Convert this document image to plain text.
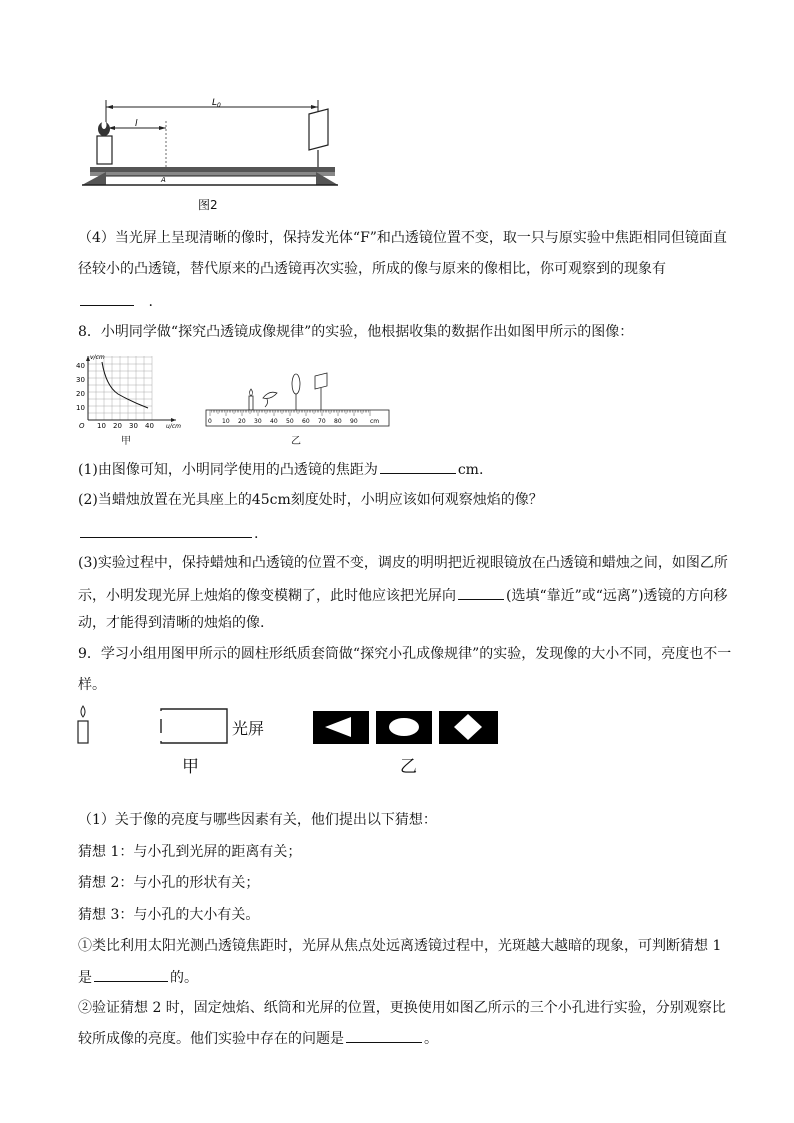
$L_0$
l
A
图2
（4）当光屏上呈现清晰的像时，保持发光体“F”和凸透镜位置不变，取一只与原实验中焦距相同但镜面直
径较小的凸透镜，替代原来的凸透镜再次实验，所成的像与原来的像相比，你可观察到的现象有
.
8．小明同学做“探究凸透镜成像规律”的实验，他根据收集的数据作出如图甲所示的图像：
v/cm
u/cm
O
40
30
20
10
10 20 30 40
甲
0 10 20 30 40 50 60 70 80 90 cm
乙
(1)由图像可知，小明同学使用的凸透镜的焦距为	cm.
(2)当蜡烛放置在光具座上的45cm刻度处时，小明应该如何观察烛焰的像？
.
(3)实验过程中，保持蜡烛和凸透镜的位置不变，调皮的明明把近视眼镜放在凸透镜和蜡烛之间，如图乙所
示，小明发现光屏上烛焰的像变模糊了，此时他应该把光屏向	(选填“靠近”或“远离”)透镜的方向移
动，才能得到清晰的烛焰的像.
9．学习小组用图甲所示的圆柱形纸质套筒做“探究小孔成像规律”的实验，发现像的大小不同，亮度也不一
样。
光屏
甲	乙
（1）关于像的亮度与哪些因素有关，他们提出以下猜想：
猜想 1：与小孔到光屏的距离有关；
猜想 2：与小孔的形状有关；
猜想 3：与小孔的大小有关。
①类比利用太阳光测凸透镜焦距时，光屏从焦点处远离透镜过程中，光斑越大越暗的现象，可判断猜想 1
是	的。
②验证猜想 2 时，固定烛焰、纸筒和光屏的位置，更换使用如图乙所示的三个小孔进行实验，分别观察比
较所成像的亮度。他们实验中存在的问题是	。
